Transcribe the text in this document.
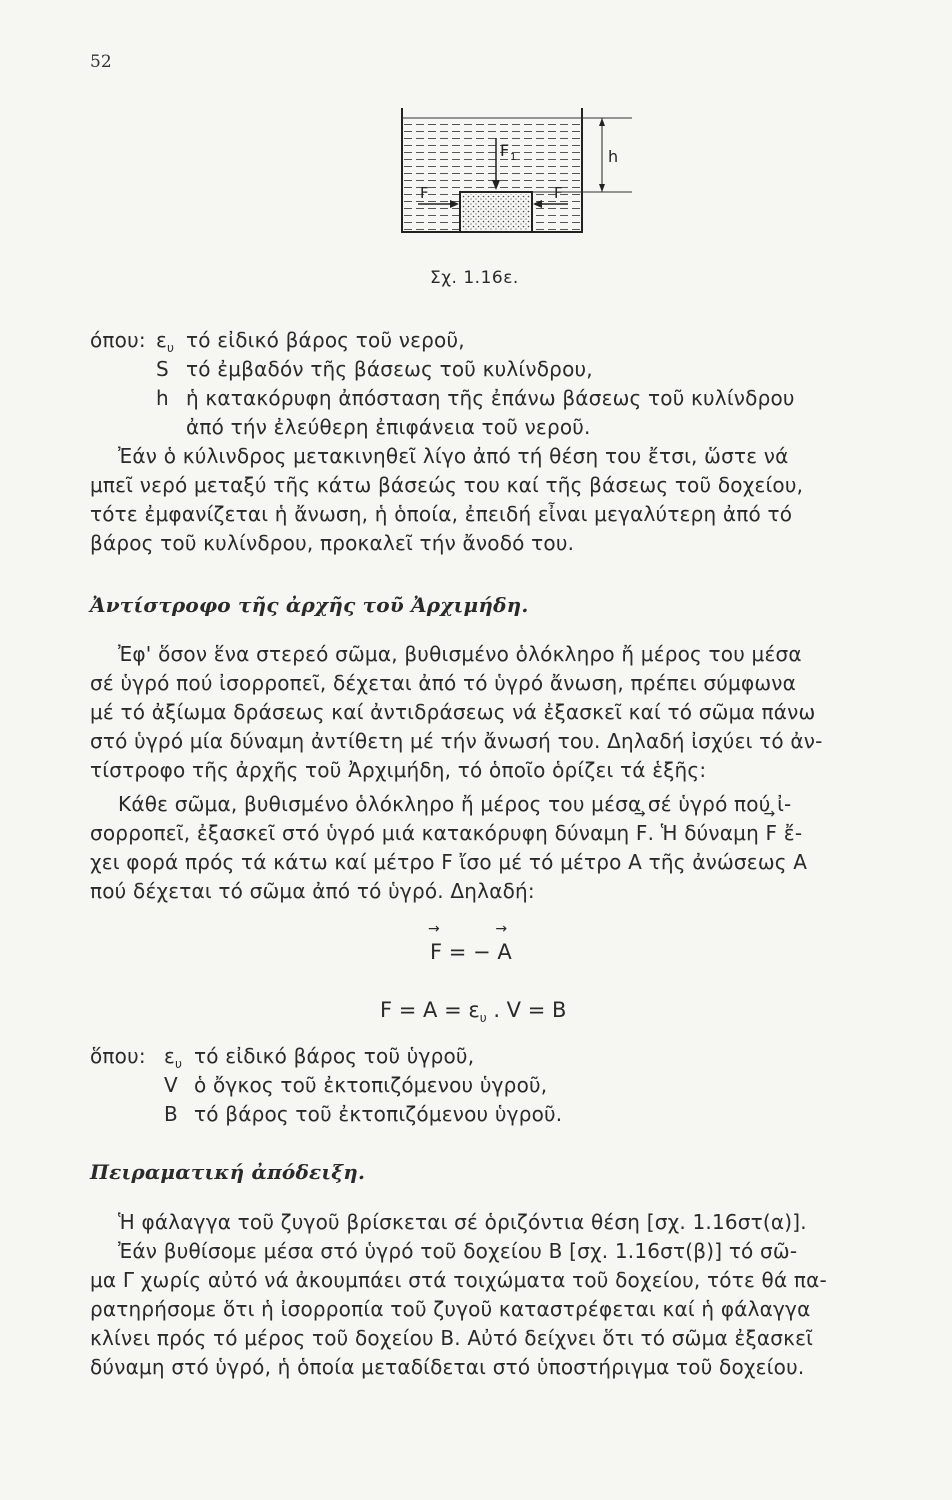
52
F 1
F	F
h
Σχ. 1.16ε.
όπου: $\varepsilon_\upsilon$ τό εἰδικό βάρος τοῦ νεροῦ,
S τό ἐμβαδόν τῆς βάσεως τοῦ κυλίνδρου,
h ἡ κατακόρυφη ἀπόσταση τῆς ἐπάνω βάσεως τοῦ κυλίνδρου
ἀπό τήν ἐλεύθερη ἐπιφάνεια τοῦ νεροῦ.
Ἐάν ὁ κύλινδρος μετακινηθεῖ λίγο ἀπό τή θέση του ἔτσι, ὥστε νά
μπεῖ νερό μεταξύ τῆς κάτω βάσεώς του καί τῆς βάσεως τοῦ δοχείου,
τότε ἐμφανίζεται ἡ ἄνωση, ἡ ὁποία, ἐπειδή εἶναι μεγαλύτερη ἀπό τό
βάρος τοῦ κυλίνδρου, προκαλεῖ τήν ἄνοδό του.
Ἀντίστροφο τῆς ἀρχῆς τοῦ Ἀρχιμήδη.
Ἐφ' ὅσον ἕνα στερεό σῶμα, βυθισμένο ὁλόκληρο ἤ μέρος του μέσα
σέ ὑγρό πού ἰσορροπεῖ, δέχεται ἀπό τό ὑγρό ἄνωση, πρέπει σύμφωνα
μέ τό ἀξίωμα δράσεως καί ἀντιδράσεως νά ἐξασκεῖ καί τό σῶμα πάνω
στό ὑγρό μία δύναμη ἀντίθετη μέ τήν ἄνωσή του. Δηλαδή ἰσχύει τό ἀν-
τίστροφο τῆς ἀρχῆς τοῦ Ἀρχιμήδη, τό ὁποῖο ὁρίζει τά ἑξῆς:
Κάθε σῶμα, βυθισμένο ὁλόκληρο ἤ μέρος του μέσα σέ ὑγρό πού ἰ-
σορροπεῖ, ἐξασκεῖ στό ὑγρό μιά κατακόρυφη δύναμη → F. Ἡ δύναμη → F ἔ-
χει φορά πρός τά κάτω καί μέτρο F ἴσο μέ τό μέτρο Α τῆς ἀνώσεως Α
πού δέχεται τό σῶμα ἀπό τό ὑγρό. Δηλαδή:
→ F = − → A
$F = A = \varepsilon_\upsilon$ . V = B
ὅπου: $\varepsilon_\upsilon$ τό εἰδικό βάρος τοῦ ὑγροῦ,
V ὁ ὄγκος τοῦ ἐκτοπιζόμενου ὑγροῦ,
B τό βάρος τοῦ ἐκτοπιζόμενου ὑγροῦ.
Πειραματική ἀπόδειξη.
Ἡ φάλαγγα τοῦ ζυγοῦ βρίσκεται σέ ὁριζόντια θέση [σχ. 1.16στ(α)].
Ἐάν βυθίσομε μέσα στό ὑγρό τοῦ δοχείου Β [σχ. 1.16στ(β)] τό σῶ-
μα Γ χωρίς αὐτό νά ἀκουμπάει στά τοιχώματα τοῦ δοχείου, τότε θά πα-
ρατηρήσομε ὅτι ἡ ἰσορροπία τοῦ ζυγοῦ καταστρέφεται καί ἡ φάλαγγα
κλίνει πρός τό μέρος τοῦ δοχείου Β. Αὐτό δείχνει ὅτι τό σῶμα ἐξασκεῖ
δύναμη στό ὑγρό, ἡ ὁποία μεταδίδεται στό ὑποστήριγμα τοῦ δοχείου.
